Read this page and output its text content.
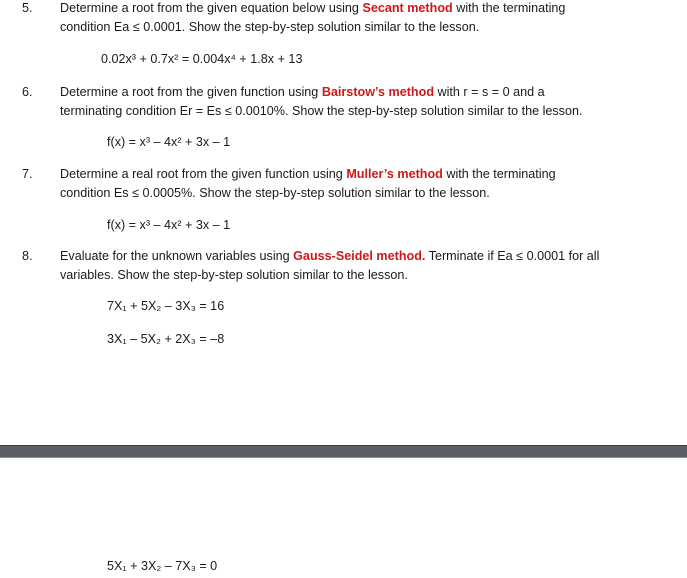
5. Determine a root from the given equation below using Secant method with the terminating
condition Ea ≤ 0.0001. Show the step-by-step solution similar to the lesson.
0.02x³ + 0.7x² = 0.004x⁴ + 1.8x + 13
6. Determine a root from the given function using Bairstow’s method with r = s = 0 and a
terminating condition Er = Es ≤ 0.0010%. Show the step-by-step solution similar to the lesson.
f(x) = x³ – 4x² + 3x – 1
7. Determine a real root from the given function using Muller’s method with the terminating
condition Es ≤ 0.0005%. Show the step-by-step solution similar to the lesson.
f(x) = x³ – 4x² + 3x – 1
8. Evaluate for the unknown variables using Gauss-Seidel method. Terminate if Ea ≤ 0.0001 for all
variables. Show the step-by-step solution similar to the lesson.
7X₁ + 5X₂ – 3X₃ = 16
3X₁ – 5X₂ + 2X₃ = –8
5X₁ + 3X₂ – 7X₃ = 0
